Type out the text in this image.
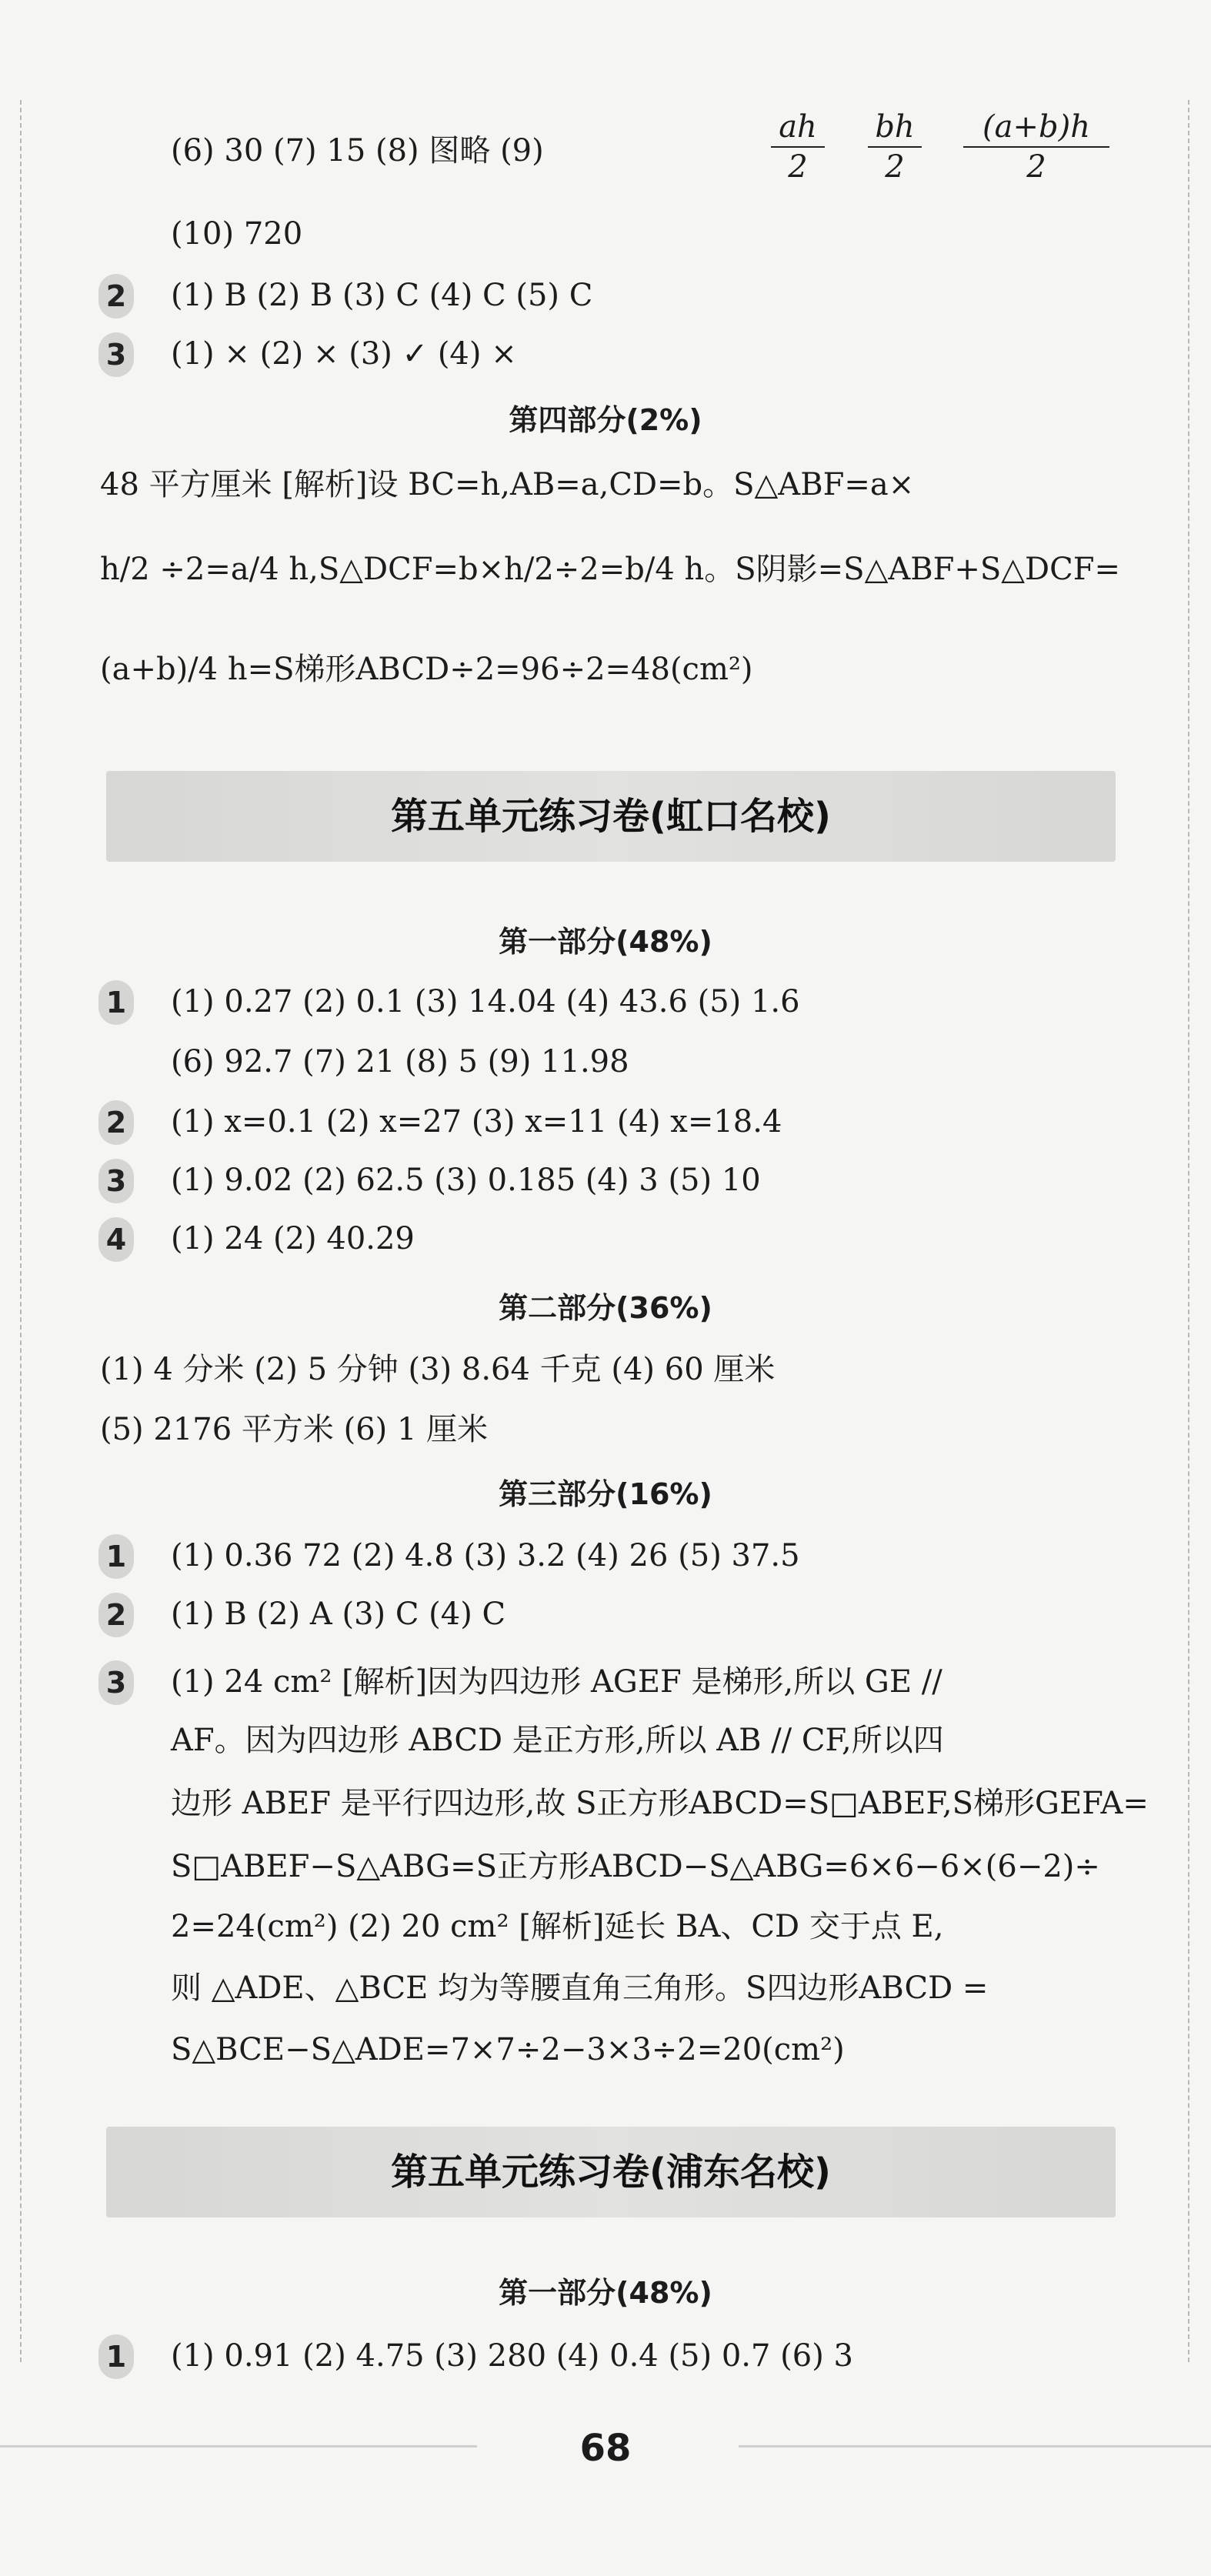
(6) 30 (7) 15 (8) 图略 (9)
ah
2
bh
2
(a+b)h
2
(10) 720
2 (1) B (2) B (3) C (4) C (5) C
3 (1) × (2) × (3) ✓ (4) ×
第四部分(2%)
48 平方厘米 [解析]设 BC=h,AB=a,CD=b。S△ABF=a×
h/2 ÷2=a/4 h,S△DCF=b×h/2÷2=b/4 h。S阴影=S△ABF+S△DCF=
(a+b)/4 h=S梯形ABCD÷2=96÷2=48(cm²)
第五单元练习卷(虹口名校)
第一部分(48%)
1 (1) 0.27 (2) 0.1 (3) 14.04 (4) 43.6 (5) 1.6
(6) 92.7 (7) 21 (8) 5 (9) 11.98
2 (1) x=0.1 (2) x=27 (3) x=11 (4) x=18.4
3 (1) 9.02 (2) 62.5 (3) 0.185 (4) 3 (5) 10
4 (1) 24 (2) 40.29
第二部分(36%)
(1) 4 分米 (2) 5 分钟 (3) 8.64 千克 (4) 60 厘米
(5) 2176 平方米 (6) 1 厘米
第三部分(16%)
1 (1) 0.36 72 (2) 4.8 (3) 3.2 (4) 26 (5) 37.5
2 (1) B (2) A (3) C (4) C
3 (1) 24 cm² [解析]因为四边形 AGEF 是梯形,所以 GE //
AF。因为四边形 ABCD 是正方形,所以 AB // CF,所以四
边形 ABEF 是平行四边形,故 S正方形ABCD=S□ABEF,S梯形GEFA=
S□ABEF−S△ABG=S正方形ABCD−S△ABG=6×6−6×(6−2)÷
2=24(cm²) (2) 20 cm² [解析]延长 BA、CD 交于点 E,
则 △ADE、△BCE 均为等腰直角三角形。S四边形ABCD =
S△BCE−S△ADE=7×7÷2−3×3÷2=20(cm²)
第五单元练习卷(浦东名校)
第一部分(48%)
1 (1) 0.91 (2) 4.75 (3) 280 (4) 0.4 (5) 0.7 (6) 3
68
